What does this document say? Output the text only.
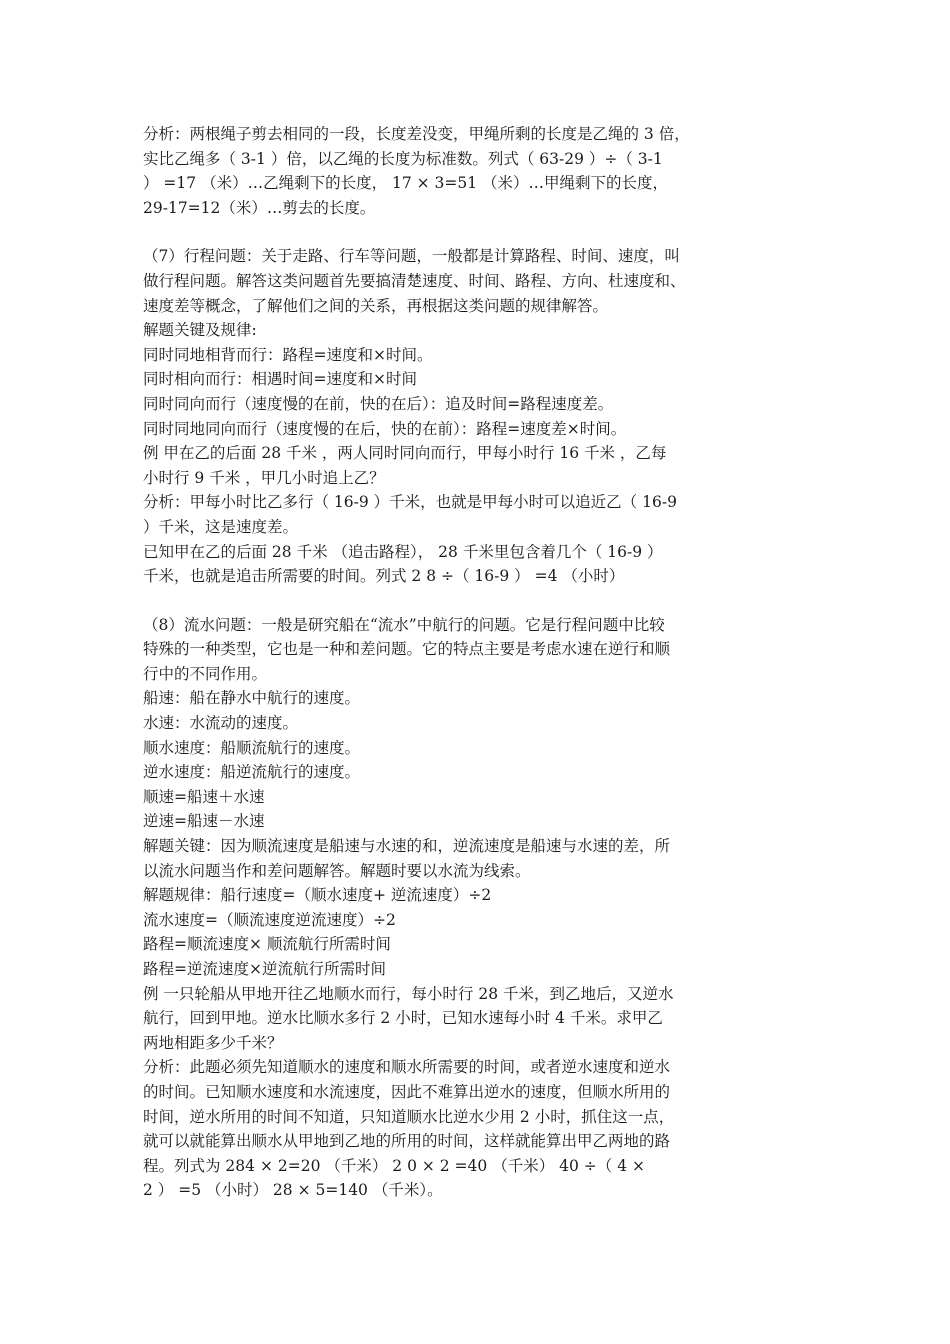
分析：两根绳子剪去相同的一段，长度差没变，甲绳所剩的长度是乙绳的 3 倍，
实比乙绳多（ 3-1 ）倍，以乙绳的长度为标准数。列式（ 63-29 ）÷（ 3-1
） =17 （米）…乙绳剩下的长度， 17 × 3=51 （米）…甲绳剩下的长度，
29-17=12（米）…剪去的长度。
（7）行程问题：关于走路、行车等问题，一般都是计算路程、时间、速度，叫
做行程问题。解答这类问题首先要搞清楚速度、时间、路程、方向、杜速度和、
速度差等概念，了解他们之间的关系，再根据这类问题的规律解答。
解题关键及规律:
同时同地相背而行：路程=速度和×时间。
同时相向而行：相遇时间=速度和×时间
同时同向而行（速度慢的在前，快的在后）：追及时间=路程速度差。
同时同地同向而行（速度慢的在后，快的在前）：路程=速度差×时间。
例 甲在乙的后面 28 千米 ，两人同时同向而行，甲每小时行 16 千米 ，乙每
小时行 9 千米 ，甲几小时追上乙？
分析：甲每小时比乙多行（ 16-9 ）千米，也就是甲每小时可以追近乙（ 16-9
）千米，这是速度差。
已知甲在乙的后面 28 千米 （追击路程）， 28 千米里包含着几个（ 16-9 ）
千米，也就是追击所需要的时间。列式 2 8 ÷（ 16-9 ） =4 （小时）
（8）流水问题：一般是研究船在“流水”中航行的问题。它是行程问题中比较
特殊的一种类型，它也是一种和差问题。它的特点主要是考虑水速在逆行和顺
行中的不同作用。
船速：船在静水中航行的速度。
水速：水流动的速度。
顺水速度：船顺流航行的速度。
逆水速度：船逆流航行的速度。
顺速=船速＋水速
逆速=船速－水速
解题关键：因为顺流速度是船速与水速的和，逆流速度是船速与水速的差，所
以流水问题当作和差问题解答。解题时要以水流为线索。
解题规律：船行速度=（顺水速度+ 逆流速度）÷2
流水速度=（顺流速度逆流速度）÷2
路程=顺流速度× 顺流航行所需时间
路程=逆流速度×逆流航行所需时间
例 一只轮船从甲地开往乙地顺水而行，每小时行 28 千米，到乙地后，又逆水
航行，回到甲地。逆水比顺水多行 2 小时，已知水速每小时 4 千米。求甲乙
两地相距多少千米？
分析：此题必须先知道顺水的速度和顺水所需要的时间，或者逆水速度和逆水
的时间。已知顺水速度和水流速度，因此不难算出逆水的速度，但顺水所用的
时间，逆水所用的时间不知道，只知道顺水比逆水少用 2 小时，抓住这一点，
就可以就能算出顺水从甲地到乙地的所用的时间，这样就能算出甲乙两地的路
程。列式为 284 × 2=20 （千米） 2 0 × 2 =40 （千米） 40 ÷（ 4 ×
2 ） =5 （小时） 28 × 5=140 （千米）。
